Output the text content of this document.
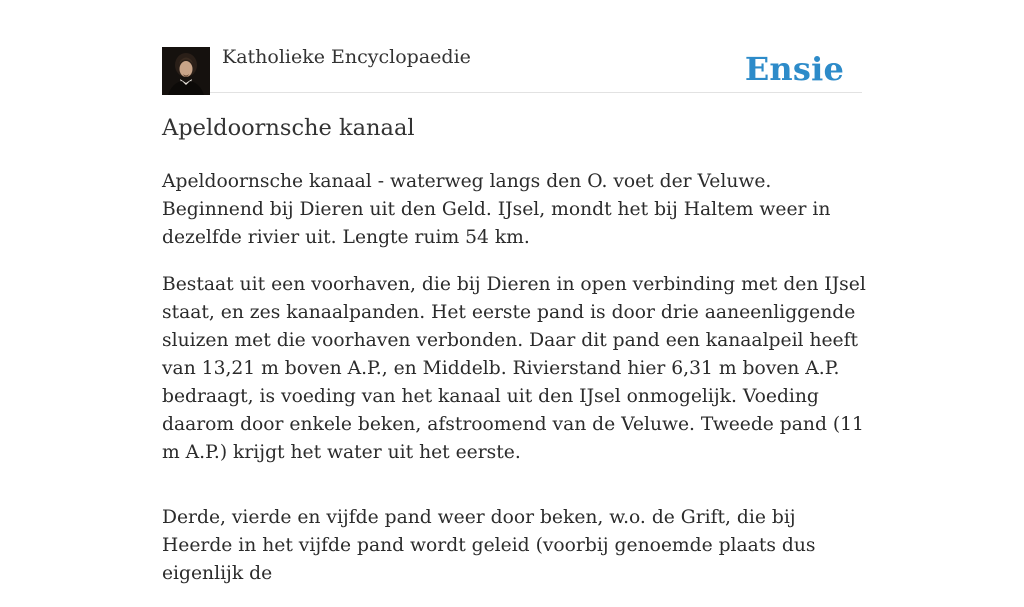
Katholieke Encyclopaedie	Ensie
Apeldoornsche kanaal

Apeldoornsche kanaal - waterweg langs den O. voet der Veluwe. Beginnend bij Dieren uit den Geld. IJsel, mondt het bij Haltem weer in dezelfde rivier uit. Lengte ruim 54 km.

Bestaat uit een voorhaven, die bij Dieren in open verbinding met den IJsel staat, en zes kanaalpanden. Het eerste pand is door drie aaneenliggende sluizen met die voorhaven verbonden. Daar dit pand een kanaalpeil heeft van 13,21 m boven A.P., en Middelb. Rivierstand hier 6,31 m boven A.P. bedraagt, is voeding van het kanaal uit den IJsel onmogelijk. Voeding daarom door enkele beken, afstroomend van de Veluwe. Tweede pand (11 m A.P.) krijgt het water uit het eerste.

Derde, vierde en vijfde pand weer door beken, w.o. de Grift, die bij Heerde in het vijfde pand wordt geleid (voorbij genoemde plaats dus eigenlijk de
